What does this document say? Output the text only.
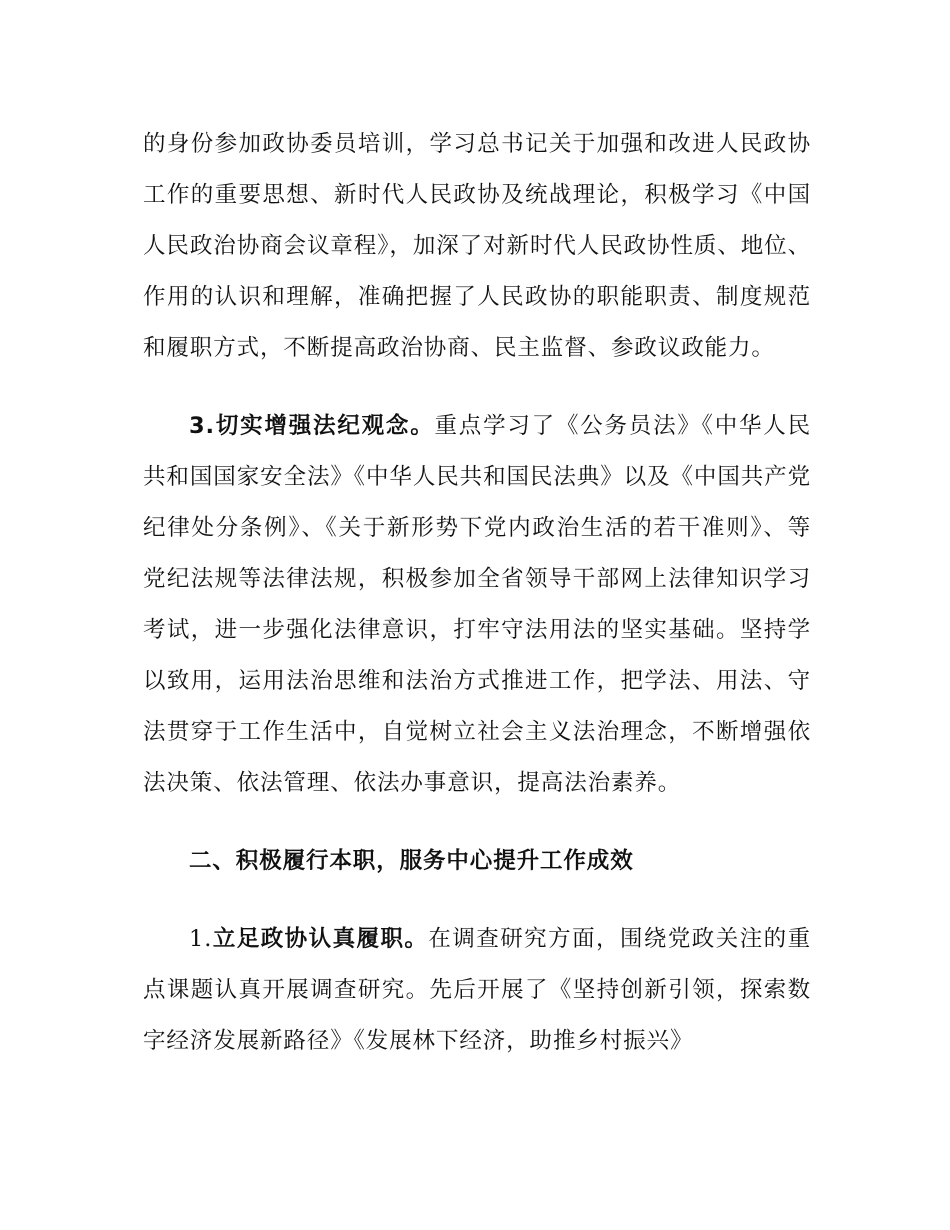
的身份参加政协委员培训，学习总书记关于加强和改进人民政协工作的重要思想、新时代人民政协及统战理论，积极学习《中国人民政治协商会议章程》，加深了对新时代人民政协性质、地位、作用的认识和理解，准确把握了人民政协的职能职责、制度规范和履职方式，不断提高政治协商、民主监督、参政议政能力。

3.切实增强法纪观念。重点学习了《公务员法》《中华人民共和国国家安全法》《中华人民共和国民法典》以及《中国共产党纪律处分条例》、《关于新形势下党内政治生活的若干准则》、等党纪法规等法律法规，积极参加全省领导干部网上法律知识学习考试，进一步强化法律意识，打牢守法用法的坚实基础。坚持学以致用，运用法治思维和法治方式推进工作，把学法、用法、守法贯穿于工作生活中，自觉树立社会主义法治理念，不断增强依法决策、依法管理、依法办事意识，提高法治素养。

二、积极履行本职，服务中心提升工作成效

1.立足政协认真履职。在调查研究方面，围绕党政关注的重点课题认真开展调查研究。先后开展了《坚持创新引领，探索数字经济发展新路径》《发展林下经济，助推乡村振兴》
